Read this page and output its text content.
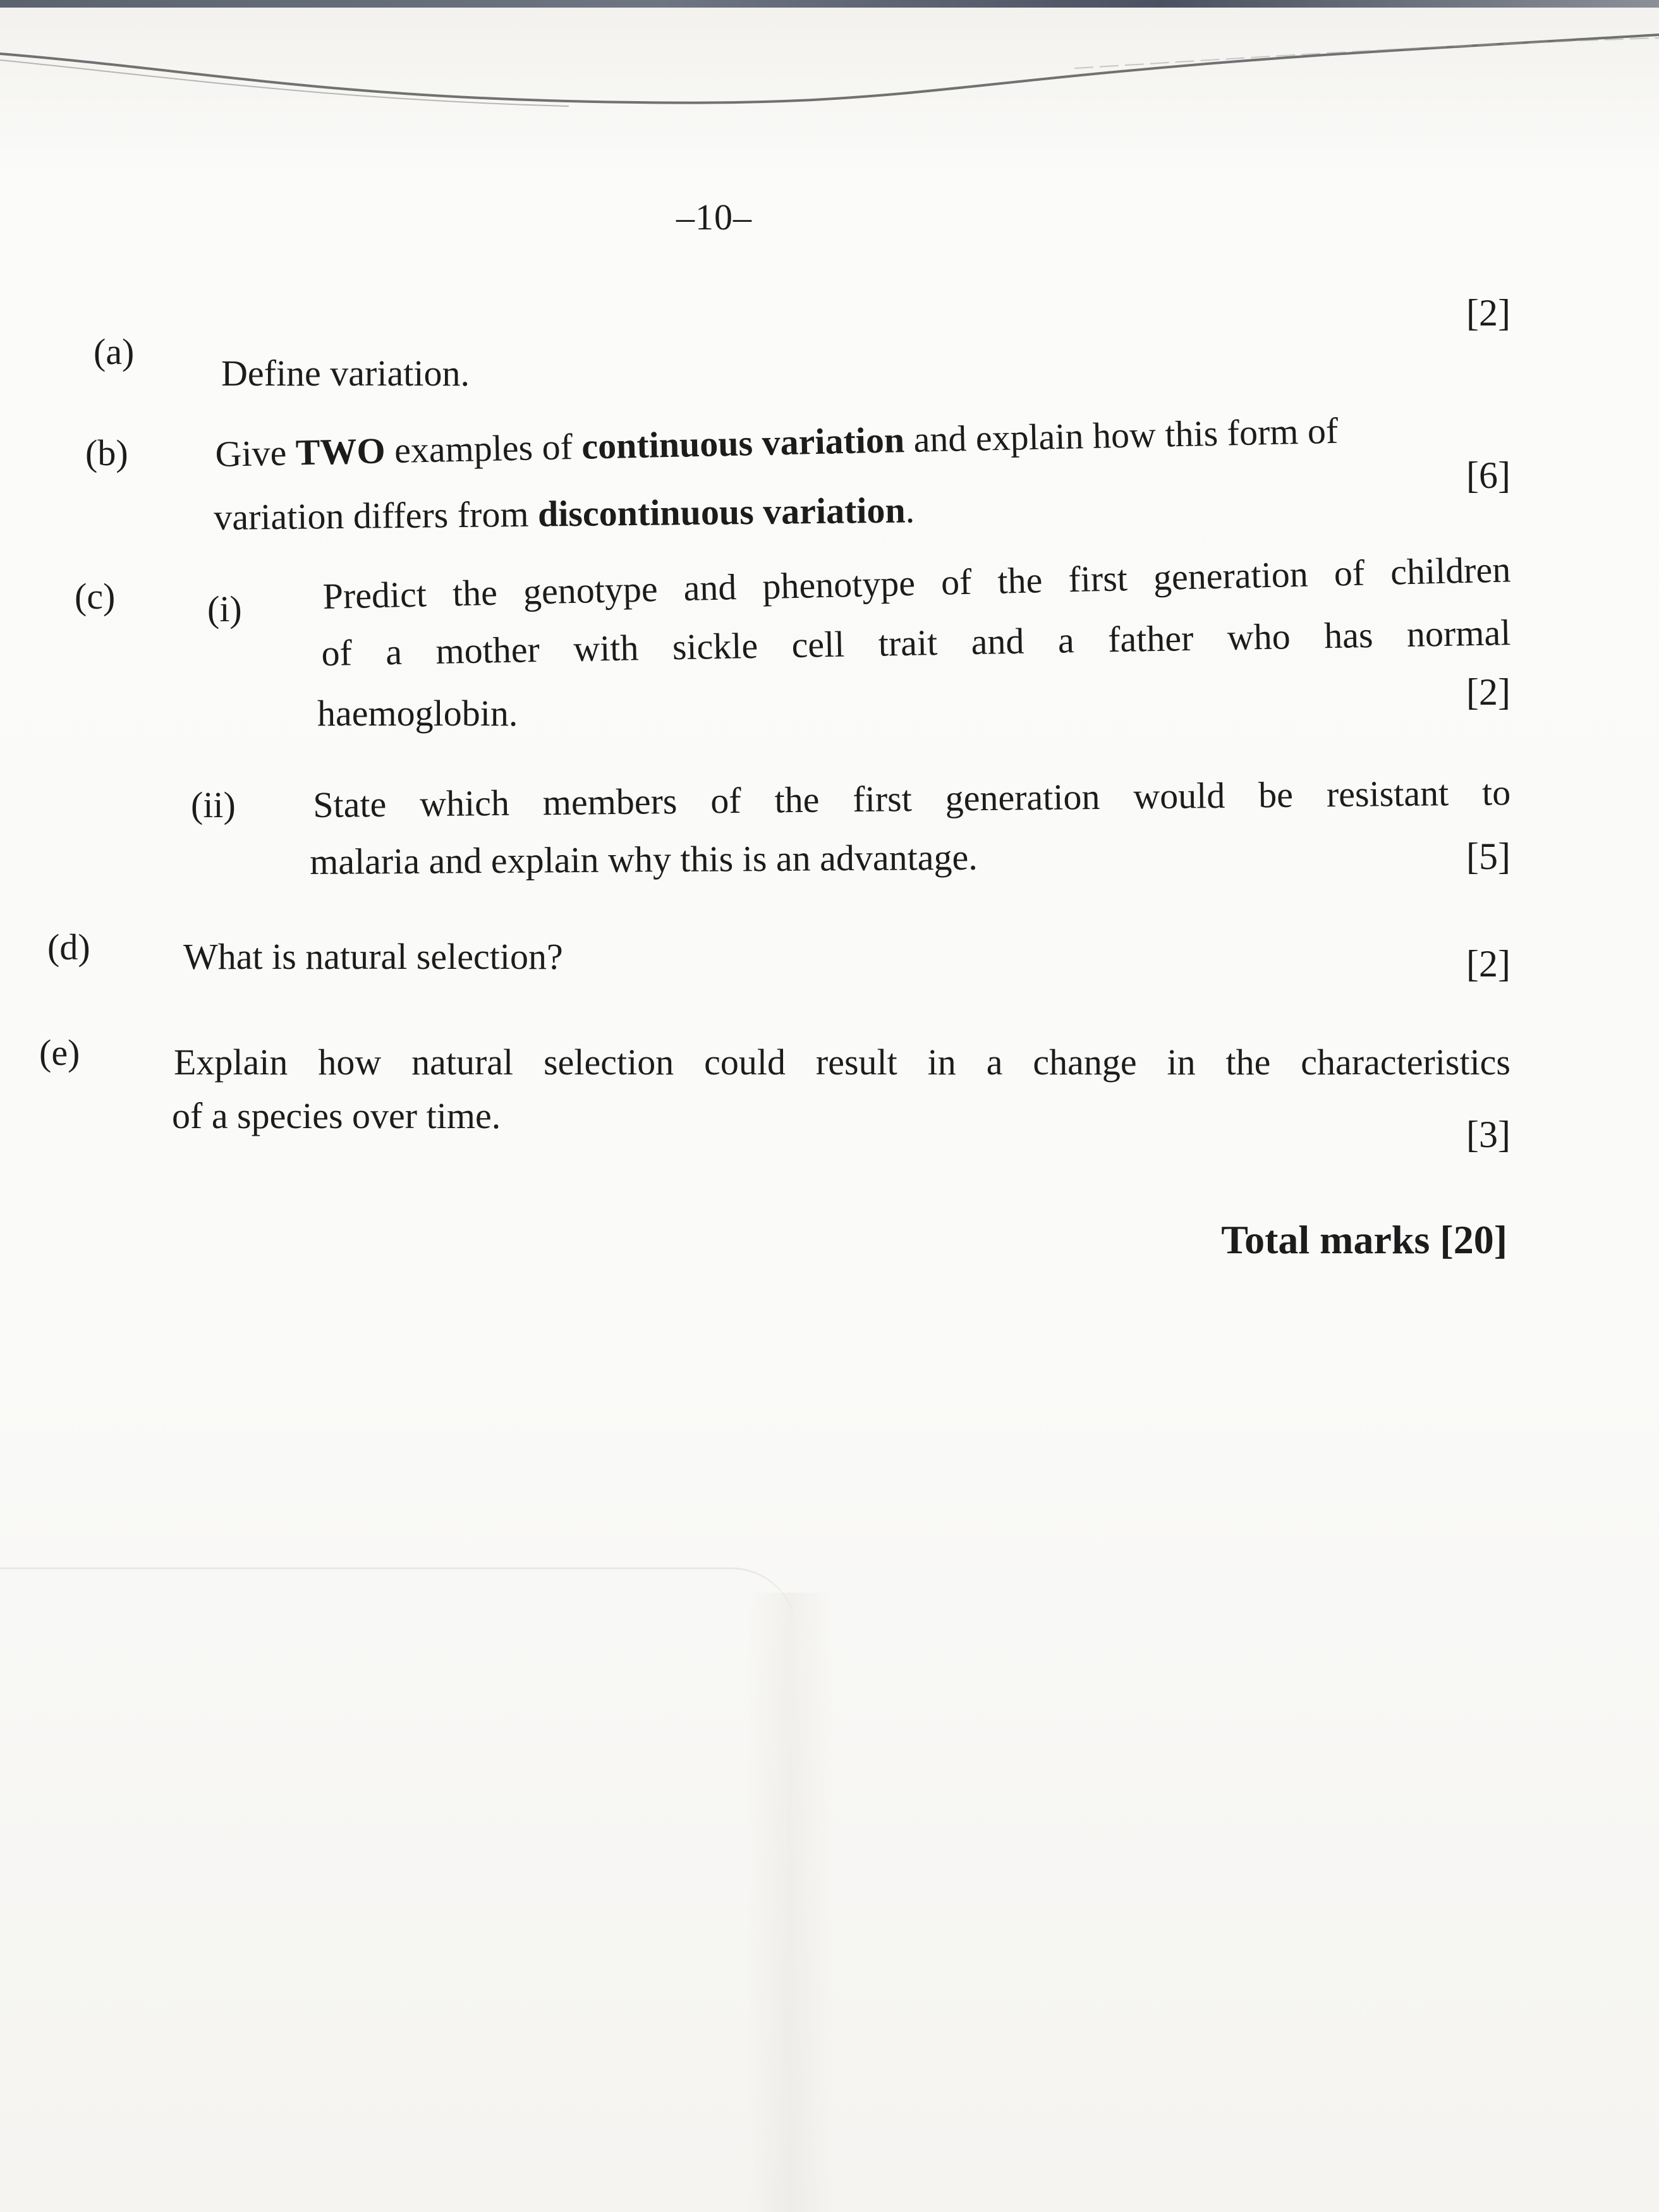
–10–
[2]
(a)
Define variation.
(b) Give TWO examples of continuous variation and explain how this form of
[6]
variation differs from discontinuous variation.
(c)	(i) Predict the genotype and phenotype of the first generation of children
of a mother with sickle cell trait and a father who has normal
[2]
haemoglobin.
(ii) State which members of the first generation would be resistant to
malaria and explain why this is an advantage.	[5]
(d)	What is natural selection?	[2]
(e)	Explain how natural selection could result in a change in the characteristics
of a species over time.	[3]
Total marks [20]
